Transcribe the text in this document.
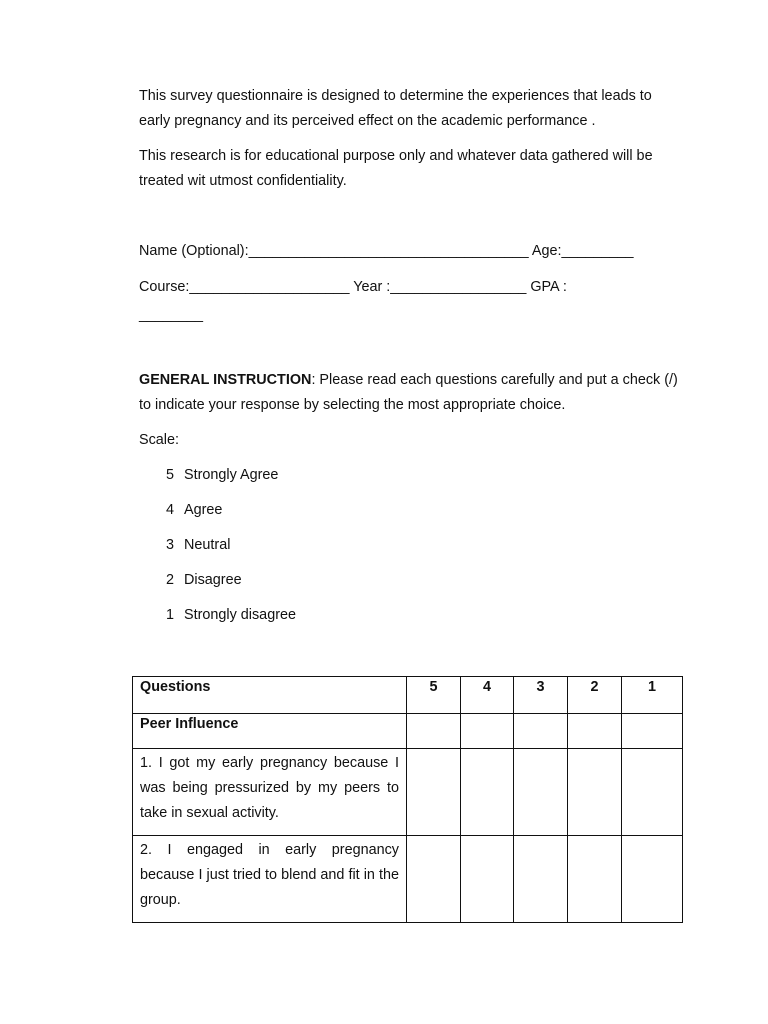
This survey questionnaire is designed to determine the experiences that leads to early pregnancy and its perceived effect on the academic performance .

This research is for educational purpose only and whatever data gathered will be treated wit utmost confidentiality.

Name (Optional):___________________________________ Age:_________
Course:____________________ Year :_________________ GPA :
________

GENERAL INSTRUCTION: Please read each questions carefully and put a check (/) to indicate your response by selecting the most appropriate choice.

Scale:
5 Strongly Agree
4 Agree
3 Neutral
2 Disagree
1 Strongly disagree
Questions	5	4	3	2	1
Peer Influence					
1. I got my early pregnancy because I was being pressurized by my peers to take in sexual activity.					
2. I engaged in early pregnancy because I just tried to blend and fit in the group.					
